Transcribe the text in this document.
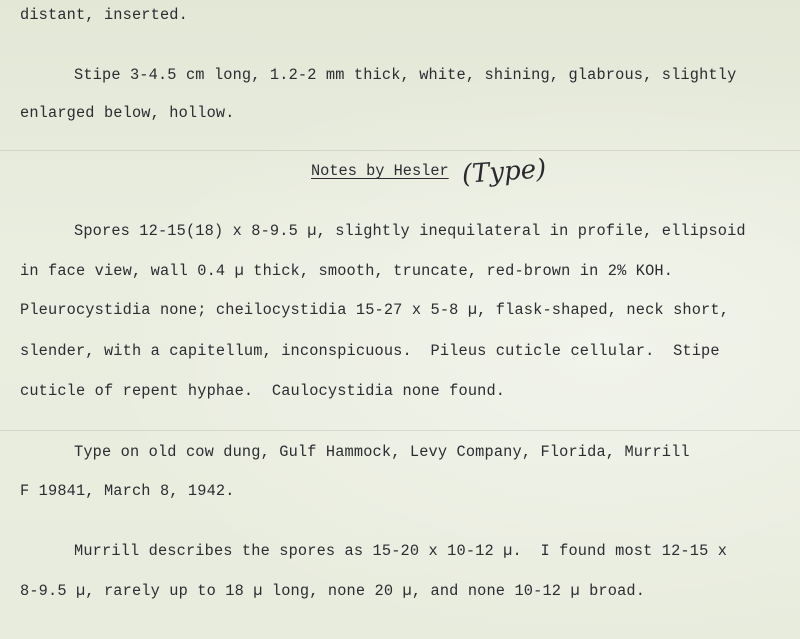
distant, inserted.
Stipe 3-4.5 cm long, 1.2-2 mm thick, white, shining, glabrous, slightly
enlarged below, hollow.
Notes by Hesler (Type)
Spores 12-15(18) x 8-9.5 µ, slightly inequilateral in profile, ellipsoid
in face view, wall 0.4 µ thick, smooth, truncate, red-brown in 2% KOH.
Pleurocystidia none; cheilocystidia 15-27 x 5-8 µ, flask-shaped, neck short,
slender, with a capitellum, inconspicuous.  Pileus cuticle cellular.  Stipe
cuticle of repent hyphae.  Caulocystidia none found.
Type on old cow dung, Gulf Hammock, Levy Company, Florida, Murrill
F 19841, March 8, 1942.
Murrill describes the spores as 15-20 x 10-12 µ.  I found most 12-15 x
8-9.5 µ, rarely up to 18 µ long, none 20 µ, and none 10-12 µ broad.
